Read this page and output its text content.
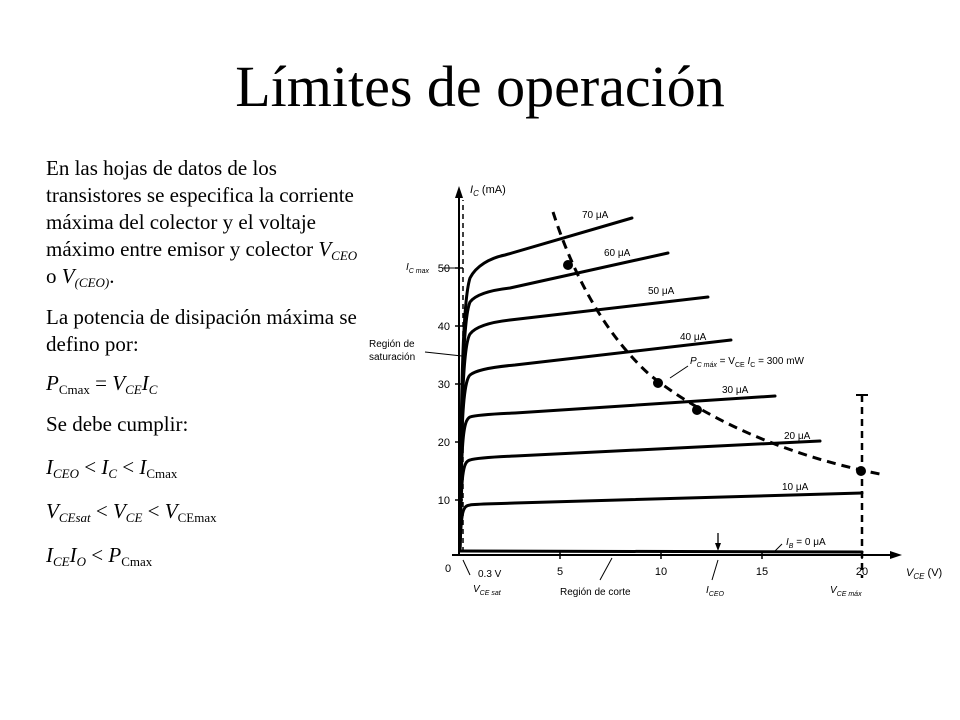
Límites de operación

En las hojas de datos de los transistores se especifica la corriente máxima del colector y el voltaje máximo entre emisor y colector $V_{CEO}$ o $V_{(CEO)}$.

La potencia de disipación máxima se defino por:

$P_{Cmax} = V_{CE}I_C$

Se debe cumplir:

$I_{CEO} < I_C < I_{Cmax}$

$V_{CEsat} < V_{CE} < V_{CEmax}$

$I_{CE}I_O < P_{Cmax}$

$I_C$ (mA)
$V_{CE}$ (V)
50
40
30
20
10
0	5	10	15	20
$I_{C max}$
Región de saturación
70 μA
60 μA
50 μA
40 μA
30 μA
20 μA
10 μA
$P_{C máx} = V_{CE}$ $I_C = 300$ mW
$I_B = 0$ μA
0.3 V
$V_{CE sat}$	Región de corte	$I_{CEO}$	$V_{CE máx}$
